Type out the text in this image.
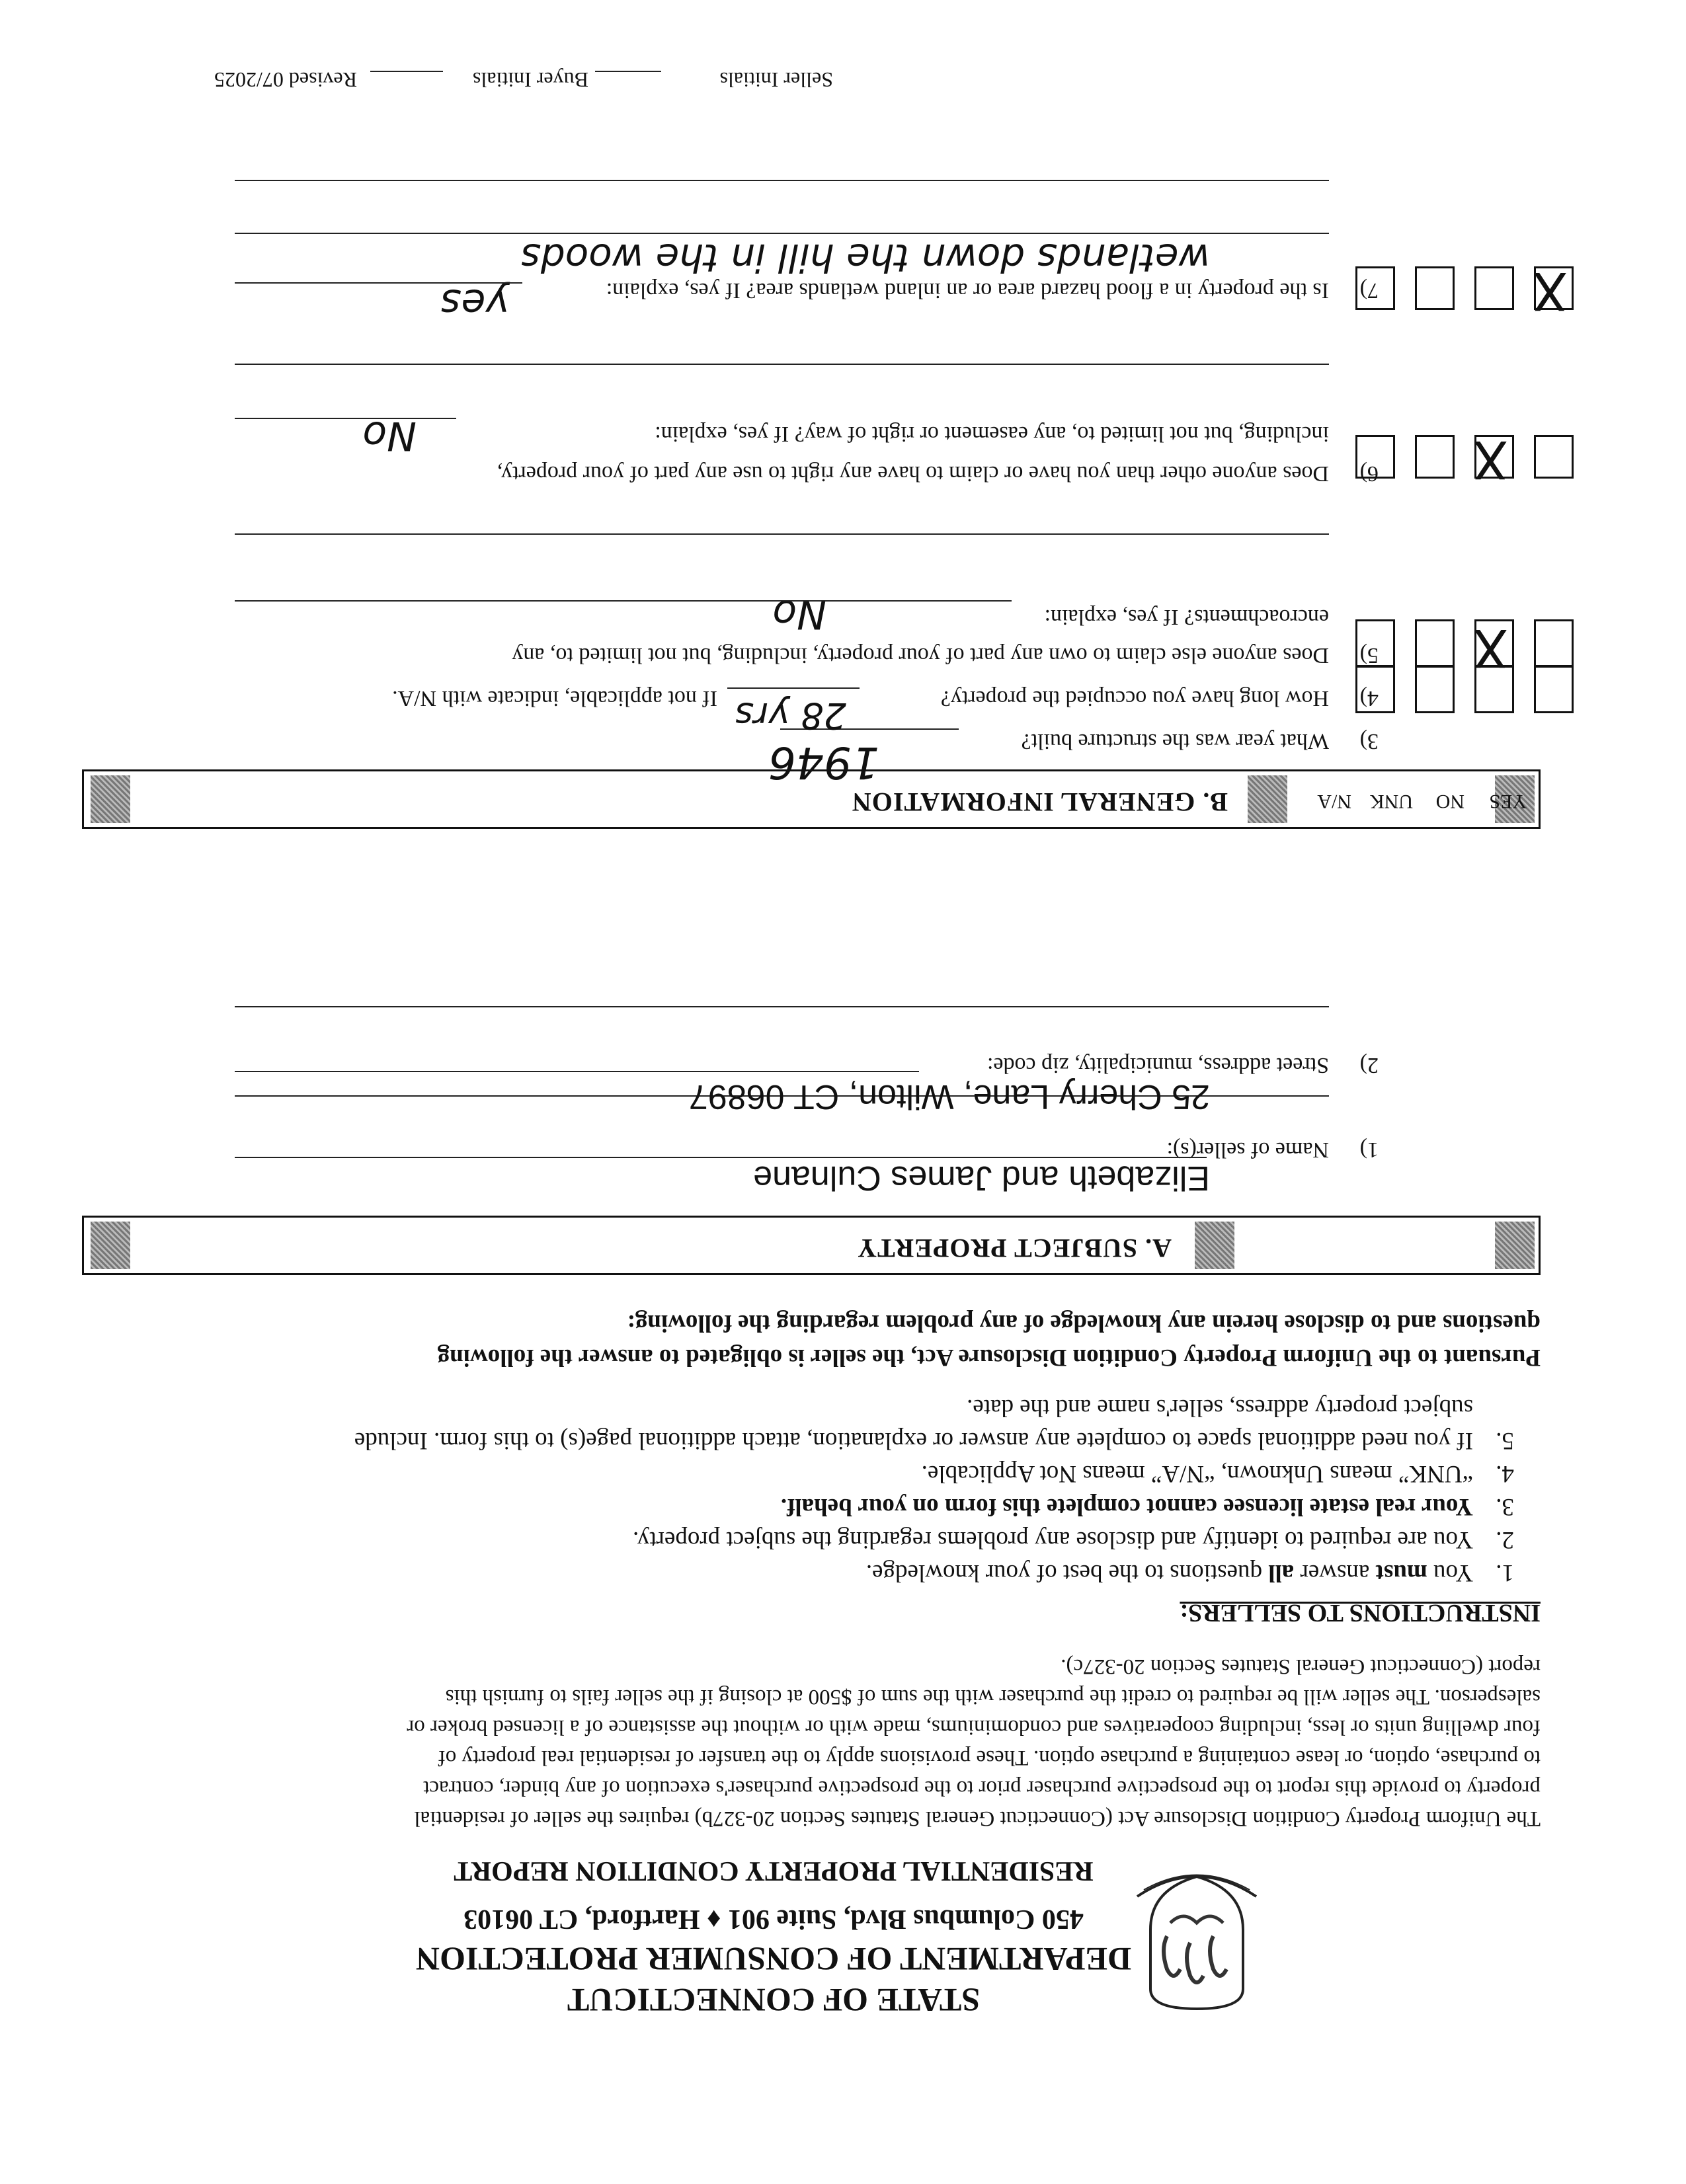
STATE OF CONNECTICUT
DEPARTMENT OF CONSUMER PROTECTION
450 Columbus Blvd, Suite 901 ♦ Hartford, CT 06103
RESIDENTIAL PROPERTY CONDITION REPORT
The Uniform Property Condition Disclosure Act (Connecticut General Statutes Section 20-327b) requires the seller of residential
property to provide this report to the prospective purchaser prior to the prospective purchaser's execution of any binder, contract
to purchase, option, or lease containing a purchase option. These provisions apply to the transfer of residential real property of
four dwelling units or less, including cooperatives and condominiums, made with or without the assistance of a licensed broker or
salesperson. The seller will be required to credit the purchaser with the sum of $500 at closing if the seller fails to furnish this
report (Connecticut General Statutes Section 20-327c).
INSTRUCTIONS TO SELLERS:
1.You must answer all questions to the best of your knowledge.
2.You are required to identify and disclose any problems regarding the subject property.
3.Your real estate licensee cannot complete this form on your behalf.
4.“UNK” means Unknown, “N/A” means Not Applicable.
5.If you need additional space to complete any answer or explanation, attach additional page(s) to this form. Include
subject property address, seller's name and the date.
Pursuant to the Uniform Property Condition Disclosure Act, the seller is obligated to answer the following
questions and to disclose herein any knowledge of any problem regarding the following:
A. SUBJECT PROPERTY
1)
Name of seller(s):
Elizabeth and James Culnane
2)
Street address, municipality, zip code:
25 Cherry Lane, Wilton, CT 06897
YES
NO
UNK
N/A
B. GENERAL INFORMATION
3)
What year was the structure built?
1946
4)
How long have you occupied the property?
28 yrs
If not applicable, indicate with N/A.
5)
Does anyone else claim to own any part of your property, including, but not limited to, any
encroachments? If yes, explain:
No
X
6)
Does anyone other than you have or claim to have any right to use any part of your property,
including, but not limited to, any easement or right of way? If yes, explain:
No	X
7)
Is the property in a flood hazard area or an inland wetlands area? If yes, explain:
yes
wetlands down the hill in the woods
X
Seller Initials
Buyer Initials
Revised 07/2025
